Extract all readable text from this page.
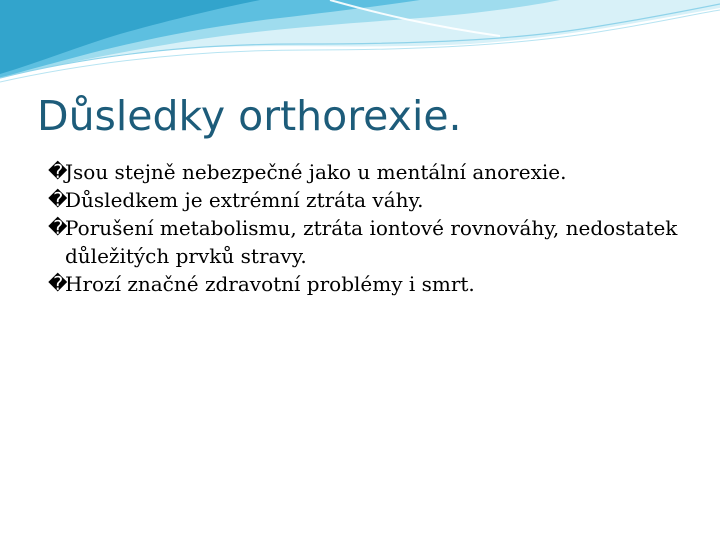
Důsledky orthorexie.
�
Jsou stejně nebezpečné jako u mentální anorexie.
�
Důsledkem je extrémní ztráta váhy.
�
Porušení metabolismu, ztráta iontové rovnováhy, nedostatek důležitých prvků stravy.
�
Hrozí značné zdravotní problémy i smrt.
